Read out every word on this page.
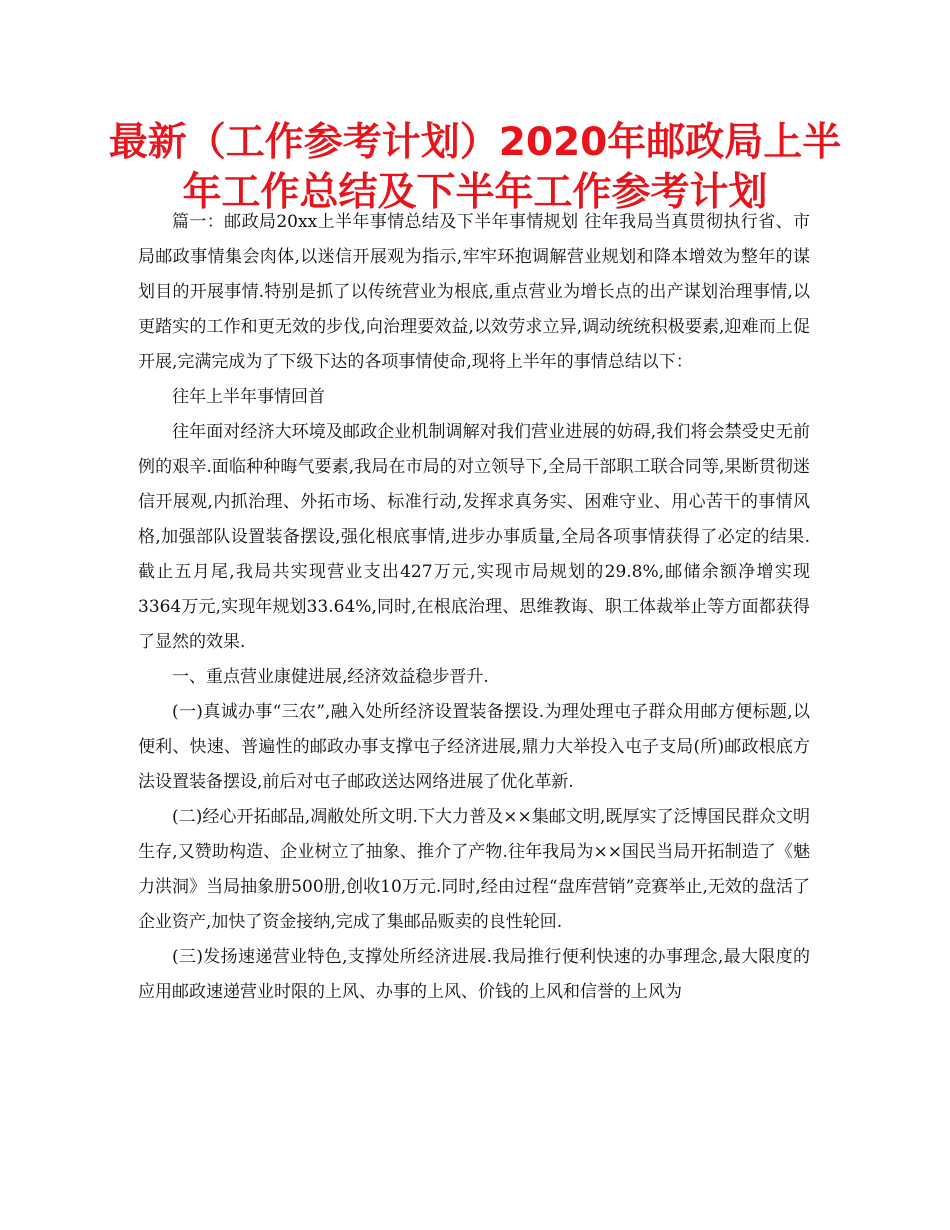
最新（工作参考计划）2020年邮政局上半年工作总结及下半年工作参考计划

篇一：邮政局20xx上半年事情总结及下半年事情规划 往年我局当真贯彻执行省、市局邮政事情集会肉体,以迷信开展观为指示,牢牢环抱调解营业规划和降本增效为整年的谋划目的开展事情.特别是抓了以传统营业为根底,重点营业为增长点的出产谋划治理事情,以更踏实的工作和更无效的步伐,向治理要效益,以效劳求立异,调动统统积极要素,迎难而上促开展,完满完成为了下级下达的各项事情使命,现将上半年的事情总结以下：

往年上半年事情回首

往年面对经济大环境及邮政企业机制调解对我们营业进展的妨碍,我们将会禁受史无前例的艰辛.面临种种晦气要素,我局在市局的对立领导下,全局干部职工联合同等,果断贯彻迷信开展观,内抓治理、外拓市场、标准行动,发挥求真务实、困难守业、用心苦干的事情风格,加强部队设置装备摆设,强化根底事情,进步办事质量,全局各项事情获得了必定的结果.截止五月尾,我局共实现营业支出427万元,实现市局规划的29.8%,邮储余额净增实现3364万元,实现年规划33.64%,同时,在根底治理、思维教诲、职工体裁举止等方面都获得了显然的效果.

一、重点营业康健进展,经济效益稳步晋升.

(一)真诚办事“三农”,融入处所经济设置装备摆设.为理处理屯子群众用邮方便标题,以便利、快速、普遍性的邮政办事支撑屯子经济进展,鼎力大举投入屯子支局(所)邮政根底方法设置装备摆设,前后对屯子邮政送达网络进展了优化革新.

(二)经心开拓邮品,凋敝处所文明.下大力普及××集邮文明,既厚实了泛博国民群众文明生存,又赞助构造、企业树立了抽象、推介了产物.往年我局为××国民当局开拓制造了《魅力洪洞》当局抽象册500册,创收10万元.同时,经由过程“盘库营销”竞赛举止,无效的盘活了企业资产,加快了资金接纳,完成了集邮品贩卖的良性轮回.

(三)发扬速递营业特色,支撑处所经济进展.我局推行便利快速的办事理念,最大限度的应用邮政速递营业时限的上风、办事的上风、价钱的上风和信誉的上风为
